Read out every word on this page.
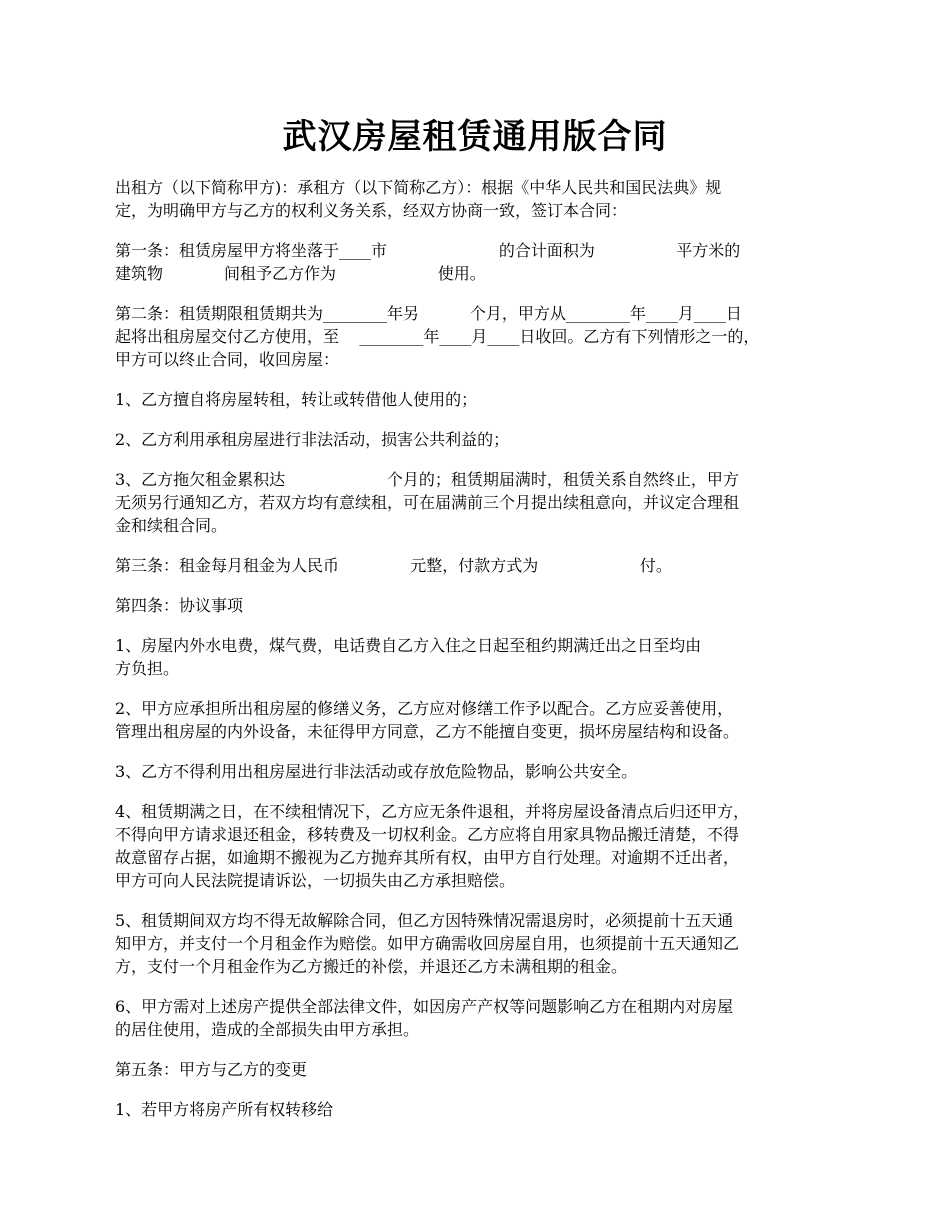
武汉房屋租赁通用版合同

出租方（以下简称甲方)：承租方（以下简称乙方）：根据《中华人民共和国民法典》规
定，为明确甲方与乙方的权利义务关系，经双方协商一致，签订本合同：

第一条：租赁房屋甲方将坐落于____市                      的合计面积为                平方米的
建筑物            间租予乙方作为                    使用。

第二条：租赁期限租赁期共为________年另          个月，甲方从________年____月____日
起将出租房屋交付乙方使用，至    ________年____月____日收回。乙方有下列情形之一的，
甲方可以终止合同，收回房屋：

1、乙方擅自将房屋转租，转让或转借他人使用的；

2、乙方利用承租房屋进行非法活动，损害公共利益的；

3、乙方拖欠租金累积达                    个月的；租赁期届满时，租赁关系自然终止，甲方
无须另行通知乙方，若双方均有意续租，可在届满前三个月提出续租意向，并议定合理租
金和续租合同。

第三条：租金每月租金为人民币              元整，付款方式为                    付。

第四条：协议事项

1、房屋内外水电费，煤气费，电话费自乙方入住之日起至租约期满迁出之日至均由
方负担。

2、甲方应承担所出租房屋的修缮义务，乙方应对修缮工作予以配合。乙方应妥善使用，
管理出租房屋的内外设备，未征得甲方同意，乙方不能擅自变更，损坏房屋结构和设备。

3、乙方不得利用出租房屋进行非法活动或存放危险物品，影响公共安全。

4、租赁期满之日，在不续租情况下，乙方应无条件退租，并将房屋设备清点后归还甲方，
不得向甲方请求退还租金，移转费及一切权利金。乙方应将自用家具物品搬迁清楚，不得
故意留存占据，如逾期不搬视为乙方抛弃其所有权，由甲方自行处理。对逾期不迁出者，
甲方可向人民法院提请诉讼，一切损失由乙方承担赔偿。

5、租赁期间双方均不得无故解除合同，但乙方因特殊情况需退房时，必须提前十五天通
知甲方，并支付一个月租金作为赔偿。如甲方确需收回房屋自用，也须提前十五天通知乙
方，支付一个月租金作为乙方搬迁的补偿，并退还乙方未满租期的租金。

6、甲方需对上述房产提供全部法律文件，如因房产产权等问题影响乙方在租期内对房屋
的居住使用，造成的全部损失由甲方承担。

第五条：甲方与乙方的变更

1、若甲方将房产所有权转移给
